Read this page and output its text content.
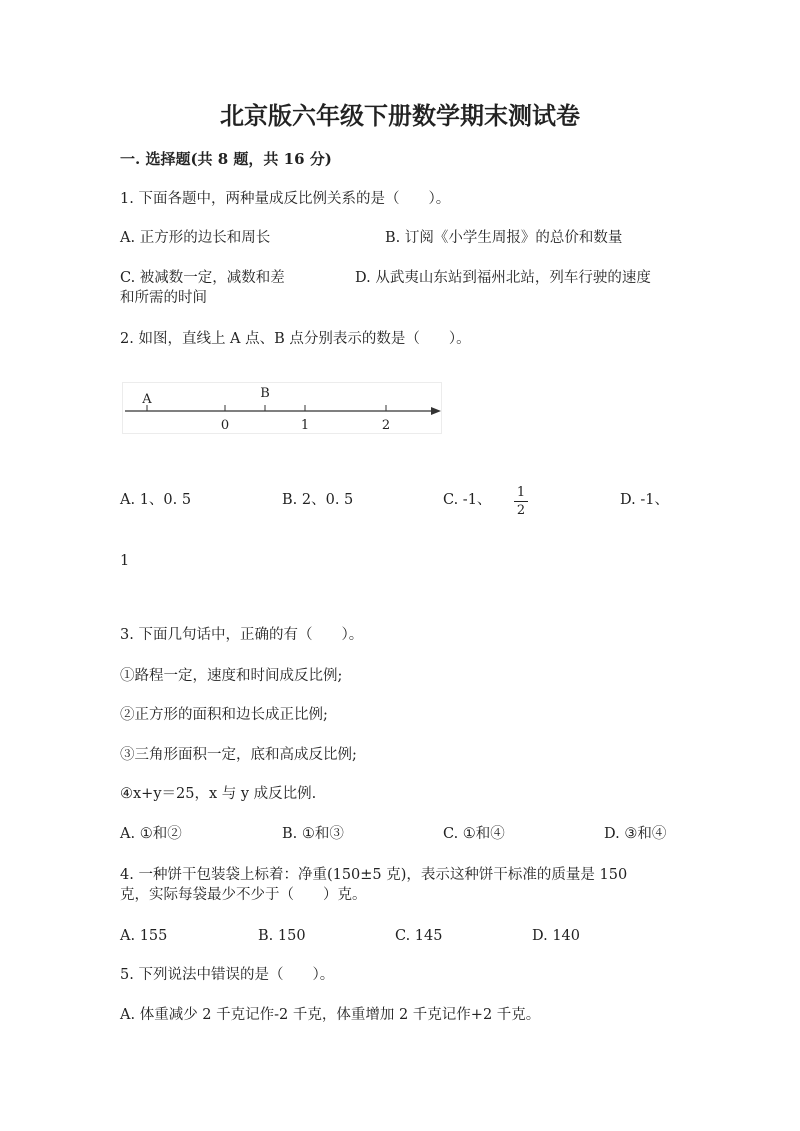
北京版六年级下册数学期末测试卷
一. 选择题(共 8 题，共 16 分)
1. 下面各题中，两种量成反比例关系的是（　　）。
A. 正方形的边长和周长	B. 订阅《小学生周报》的总价和数量
C. 被减数一定，减数和差	D. 从武夷山东站到福州北站，列车行驶的速度
和所需的时间
2. 如图，直线上 A 点、B 点分别表示的数是（　　）。
A	B
0	1	2
A. 1、0. 5	B. 2、0. 5	C. -1、 1
2
D. -1、
1
3. 下面几句话中，正确的有（　　）。
①路程一定，速度和时间成反比例;
②正方形的面积和边长成正比例;
③三角形面积一定，底和高成反比例;
④x+y＝25，x 与 y 成反比例.
A. ①和②	B. ①和③	C. ①和④	D. ③和④
4. 一种饼干包装袋上标着：净重(150±5 克)，表示这种饼干标准的质量是 150
克，实际每袋最少不少于（　　）克。
A. 155	B. 150	C. 145	D. 140
5. 下列说法中错误的是（　　）。
A. 体重减少 2 千克记作-2 千克，体重增加 2 千克记作+2 千克。
